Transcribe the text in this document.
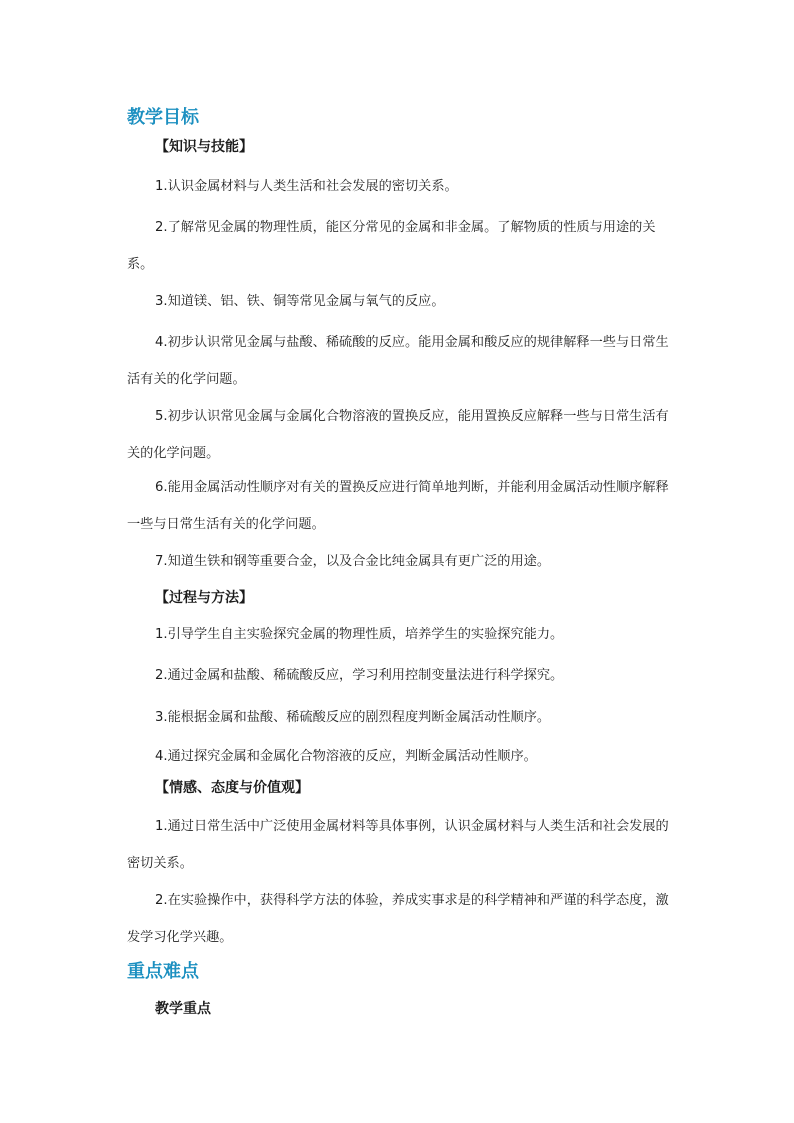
教学目标
【知识与技能】
1.认识金属材料与人类生活和社会发展的密切关系。
2.了解常见金属的物理性质，能区分常见的金属和非金属。了解物质的性质与用途的关系。
3.知道镁、铝、铁、铜等常见金属与氧气的反应。
4.初步认识常见金属与盐酸、稀硫酸的反应。能用金属和酸反应的规律解释一些与日常生活有关的化学问题。
5.初步认识常见金属与金属化合物溶液的置换反应，能用置换反应解释一些与日常生活有关的化学问题。
6.能用金属活动性顺序对有关的置换反应进行简单地判断，并能利用金属活动性顺序解释一些与日常生活有关的化学问题。
7.知道生铁和钢等重要合金，以及合金比纯金属具有更广泛的用途。
【过程与方法】
1.引导学生自主实验探究金属的物理性质，培养学生的实验探究能力。
2.通过金属和盐酸、稀硫酸反应，学习利用控制变量法进行科学探究。
3.能根据金属和盐酸、稀硫酸反应的剧烈程度判断金属活动性顺序。
4.通过探究金属和金属化合物溶液的反应，判断金属活动性顺序。
【情感、态度与价值观】
1.通过日常生活中广泛使用金属材料等具体事例，认识金属材料与人类生活和社会发展的密切关系。
2.在实验操作中，获得科学方法的体验，养成实事求是的科学精神和严谨的科学态度，激发学习化学兴趣。
重点难点
教学重点
